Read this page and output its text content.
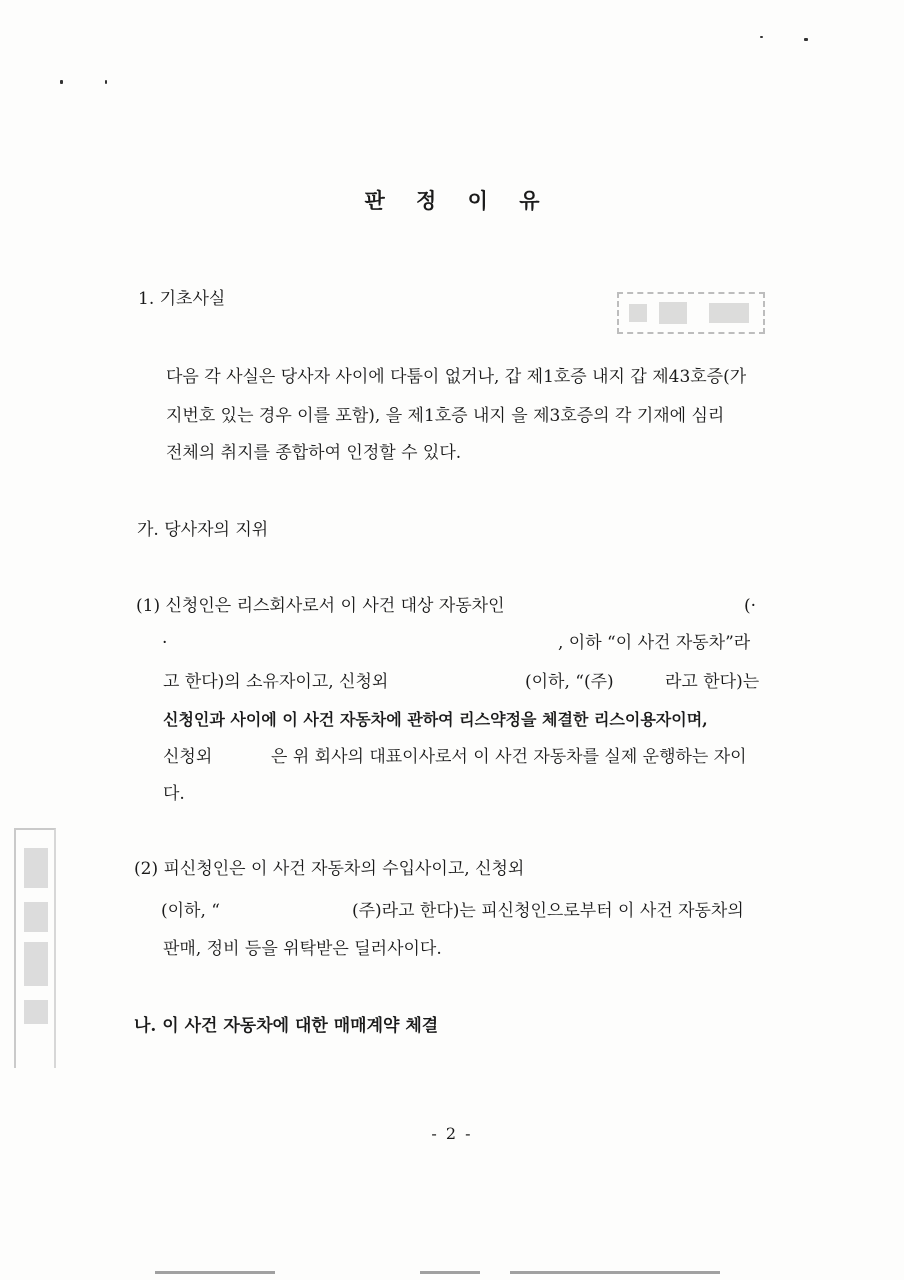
판 정 이 유
1. 기초사실
다음 각 사실은 당사자 사이에 다툼이 없거나, 갑 제1호증 내지 갑 제43호증(가
지번호 있는 경우 이를 포함), 을 제1호증 내지 을 제3호증의 각 기재에 심리
전체의 취지를 종합하여 인정할 수 있다.
가. 당사자의 지위
(1) 신청인은 리스회사로서 이 사건 대상 자동차인	(·
·	, 이하 “이 사건 자동차”라
고 한다)의 소유자이고, 신청외	(이하, “(주)	라고 한다)는
신청인과 사이에 이 사건 자동차에 관하여 리스약정을 체결한 리스이용자이며,
신청외	은 위 회사의 대표이사로서 이 사건 자동차를 실제 운행하는 자이
다.
(2) 피신청인은 이 사건 자동차의 수입사이고, 신청외
(이하, “	(주)라고 한다)는 피신청인으로부터 이 사건 자동차의
판매, 정비 등을 위탁받은 딜러사이다.
나. 이 사건 자동차에 대한 매매계약 체결
- 2 -
